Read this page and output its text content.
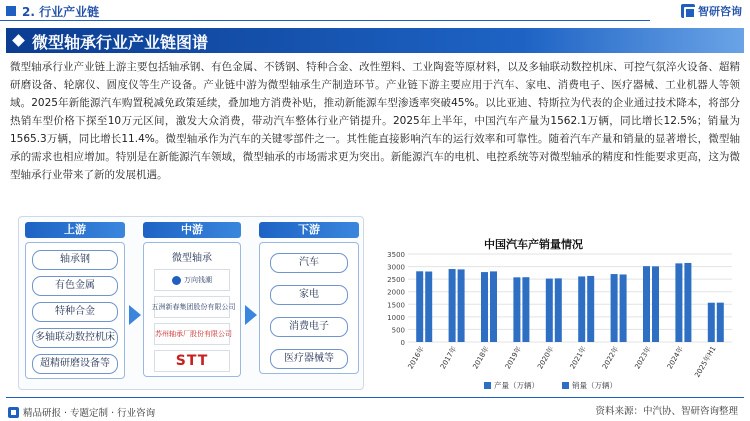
2. 行业产业链	智研咨询
微型轴承行业产业链图谱
微型轴承行业产业链上游主要包括轴承钢、有色金属、不锈钢、特种合金、改性塑料、工业陶瓷等原材料，以及多轴联动数控机床、可控气氛淬火设备、超精研磨设备、轮廓仪、圆度仪等生产设备。产业链中游为微型轴承生产制造环节。产业链下游主要应用于汽车、家电、消费电子、医疗器械、工业机器人等领域。2025年新能源汽车购置税减免政策延续，叠加地方消费补贴，推动新能源车型渗透率突破45%。以比亚迪、特斯拉为代表的企业通过技术降本，将部分热销车型价格下探至10万元区间，激发大众消费，带动汽车整体行业产销提升。2025年上半年，中国汽车产量为1562.1万辆，同比增长12.5%；销量为1565.3万辆，同比增长11.4%。微型轴承作为汽车的关键零部件之一。其性能直接影响汽车的运行效率和可靠性。随着汽车产量和销量的显著增长，微型轴承的需求也相应增加。特别是在新能源汽车领域，微型轴承的市场需求更为突出。新能源汽车的电机、电控系统等对微型轴承的精度和性能要求更高，这为微型轴承行业带来了新的发展机遇。
上游
轴承钢
有色金属
特种合金
多轴联动数控机床
超精研磨设备等
中游
微型轴承
万向钱潮
五洲新春集团股份有限公司
苏州轴承厂股份有限公司
STT
下游
汽车
家电
消费电子
医疗器械等
中国汽车产销量情况
0
500
1000
1500
2000
2500
3000
3500
2016年 2017年 2018年 2019年 2020年 2021年 2022年 2023年 2024年 2025年H1
产量（万辆）	销量（万辆）
精品研报 · 专题定制 · 行业咨询	资料来源：中汽协、智研咨询整理
